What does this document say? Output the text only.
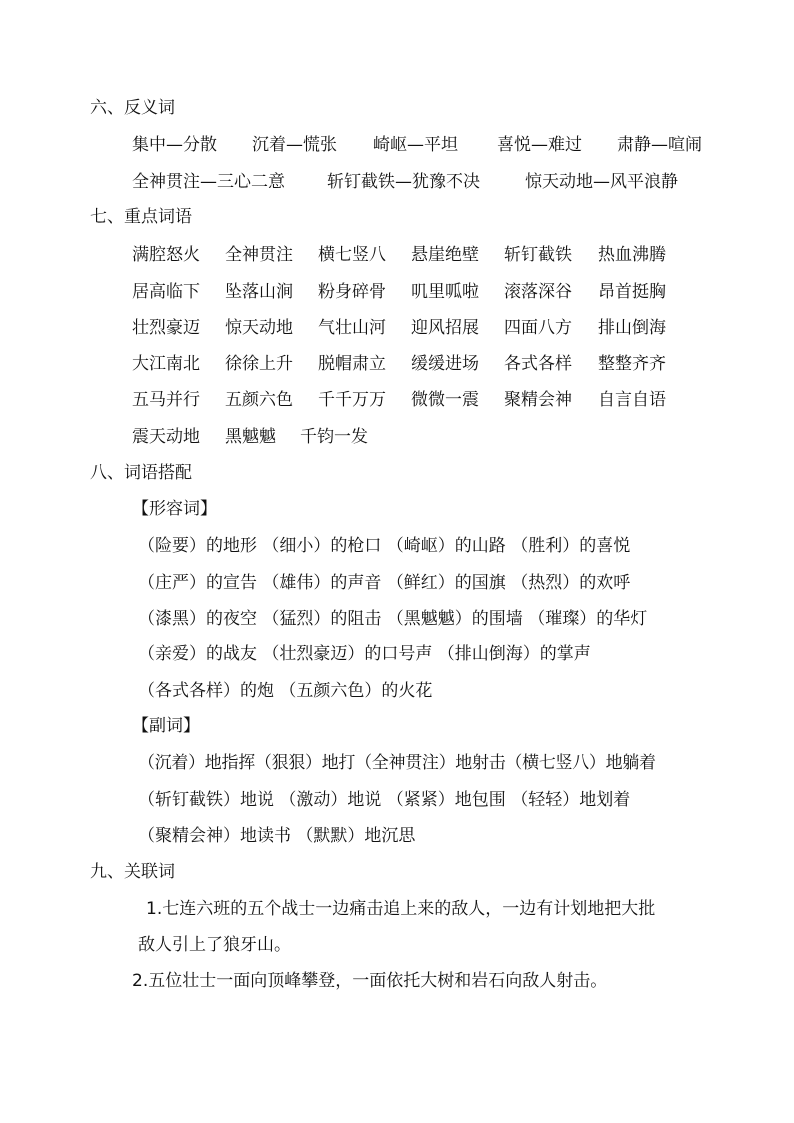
六、反义词
集中—分散 沉着—慌张 崎岖—平坦 喜悦—难过 肃静—喧闹
全神贯注—三心二意 斩钉截铁—犹豫不决	惊天动地—风平浪静
七、重点词语
满腔怒火 全神贯注 横七竖八 悬崖绝壁 斩钉截铁 热血沸腾
居高临下 坠落山涧 粉身碎骨 叽里呱啦 滚落深谷 昂首挺胸
壮烈豪迈 惊天动地 气壮山河 迎风招展 四面八方 排山倒海
大江南北 徐徐上升 脱帽肃立 缓缓进场 各式各样 整整齐齐
五马并行 五颜六色 千千万万 微微一震 聚精会神 自言自语
震天动地 黑魆魆 千钧一发
八、词语搭配
【形容词】
（险要）的地形 （细小）的枪口 （崎岖）的山路 （胜利）的喜悦
（庄严）的宣告 （雄伟）的声音 （鲜红）的国旗 （热烈）的欢呼
（漆黑）的夜空 （猛烈）的阻击 （黑魆魆）的围墙 （璀璨）的华灯
（亲爱）的战友 （壮烈豪迈）的口号声 （排山倒海）的掌声
（各式各样）的炮 （五颜六色）的火花
【副词】
（沉着）地指挥（狠狠）地打（全神贯注）地射击（横七竖八）地躺着
（斩钉截铁）地说 （激动）地说 （紧紧）地包围 （轻轻）地划着
（聚精会神）地读书 （默默）地沉思
九、关联词
1.七连六班的五个战士一边痛击追上来的敌人，一边有计划地把大批
敌人引上了狼牙山。
2.五位壮士一面向顶峰攀登，一面依托大树和岩石向敌人射击。
